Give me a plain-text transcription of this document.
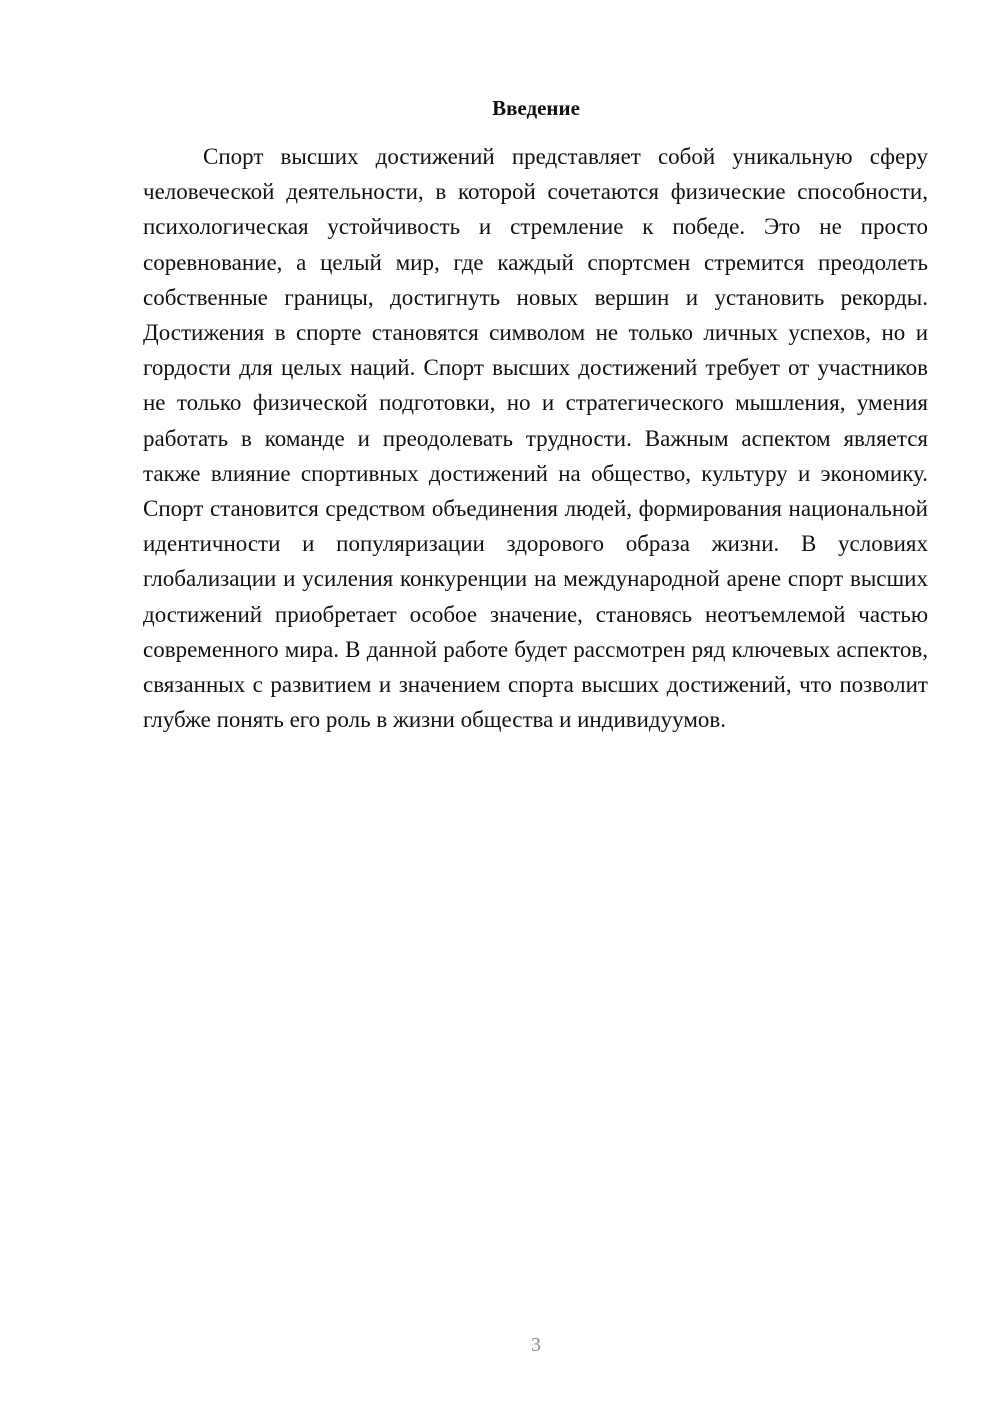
Введение

Спорт высших достижений представляет собой уникальную сферу человеческой деятельности, в которой сочетаются физические способности, психологическая устойчивость и стремление к победе. Это не просто соревнование, а целый мир, где каждый спортсмен стремится преодолеть собственные границы, достигнуть новых вершин и установить рекорды. Достижения в спорте становятся символом не только личных успехов, но и гордости для целых наций. Спорт высших достижений требует от участников не только физической подготовки, но и стратегического мышления, умения работать в команде и преодолевать трудности. Важным аспектом является также влияние спортивных достижений на общество, культуру и экономику. Спорт становится средством объединения людей, формирования национальной идентичности и популяризации здорового образа жизни. В условиях глобализации и усиления конкуренции на международной арене спорт высших достижений приобретает особое значение, становясь неотъемлемой частью современного мира. В данной работе будет рассмотрен ряд ключевых аспектов, связанных с развитием и значением спорта высших достижений, что позволит глубже понять его роль в жизни общества и индивидуумов.

3
